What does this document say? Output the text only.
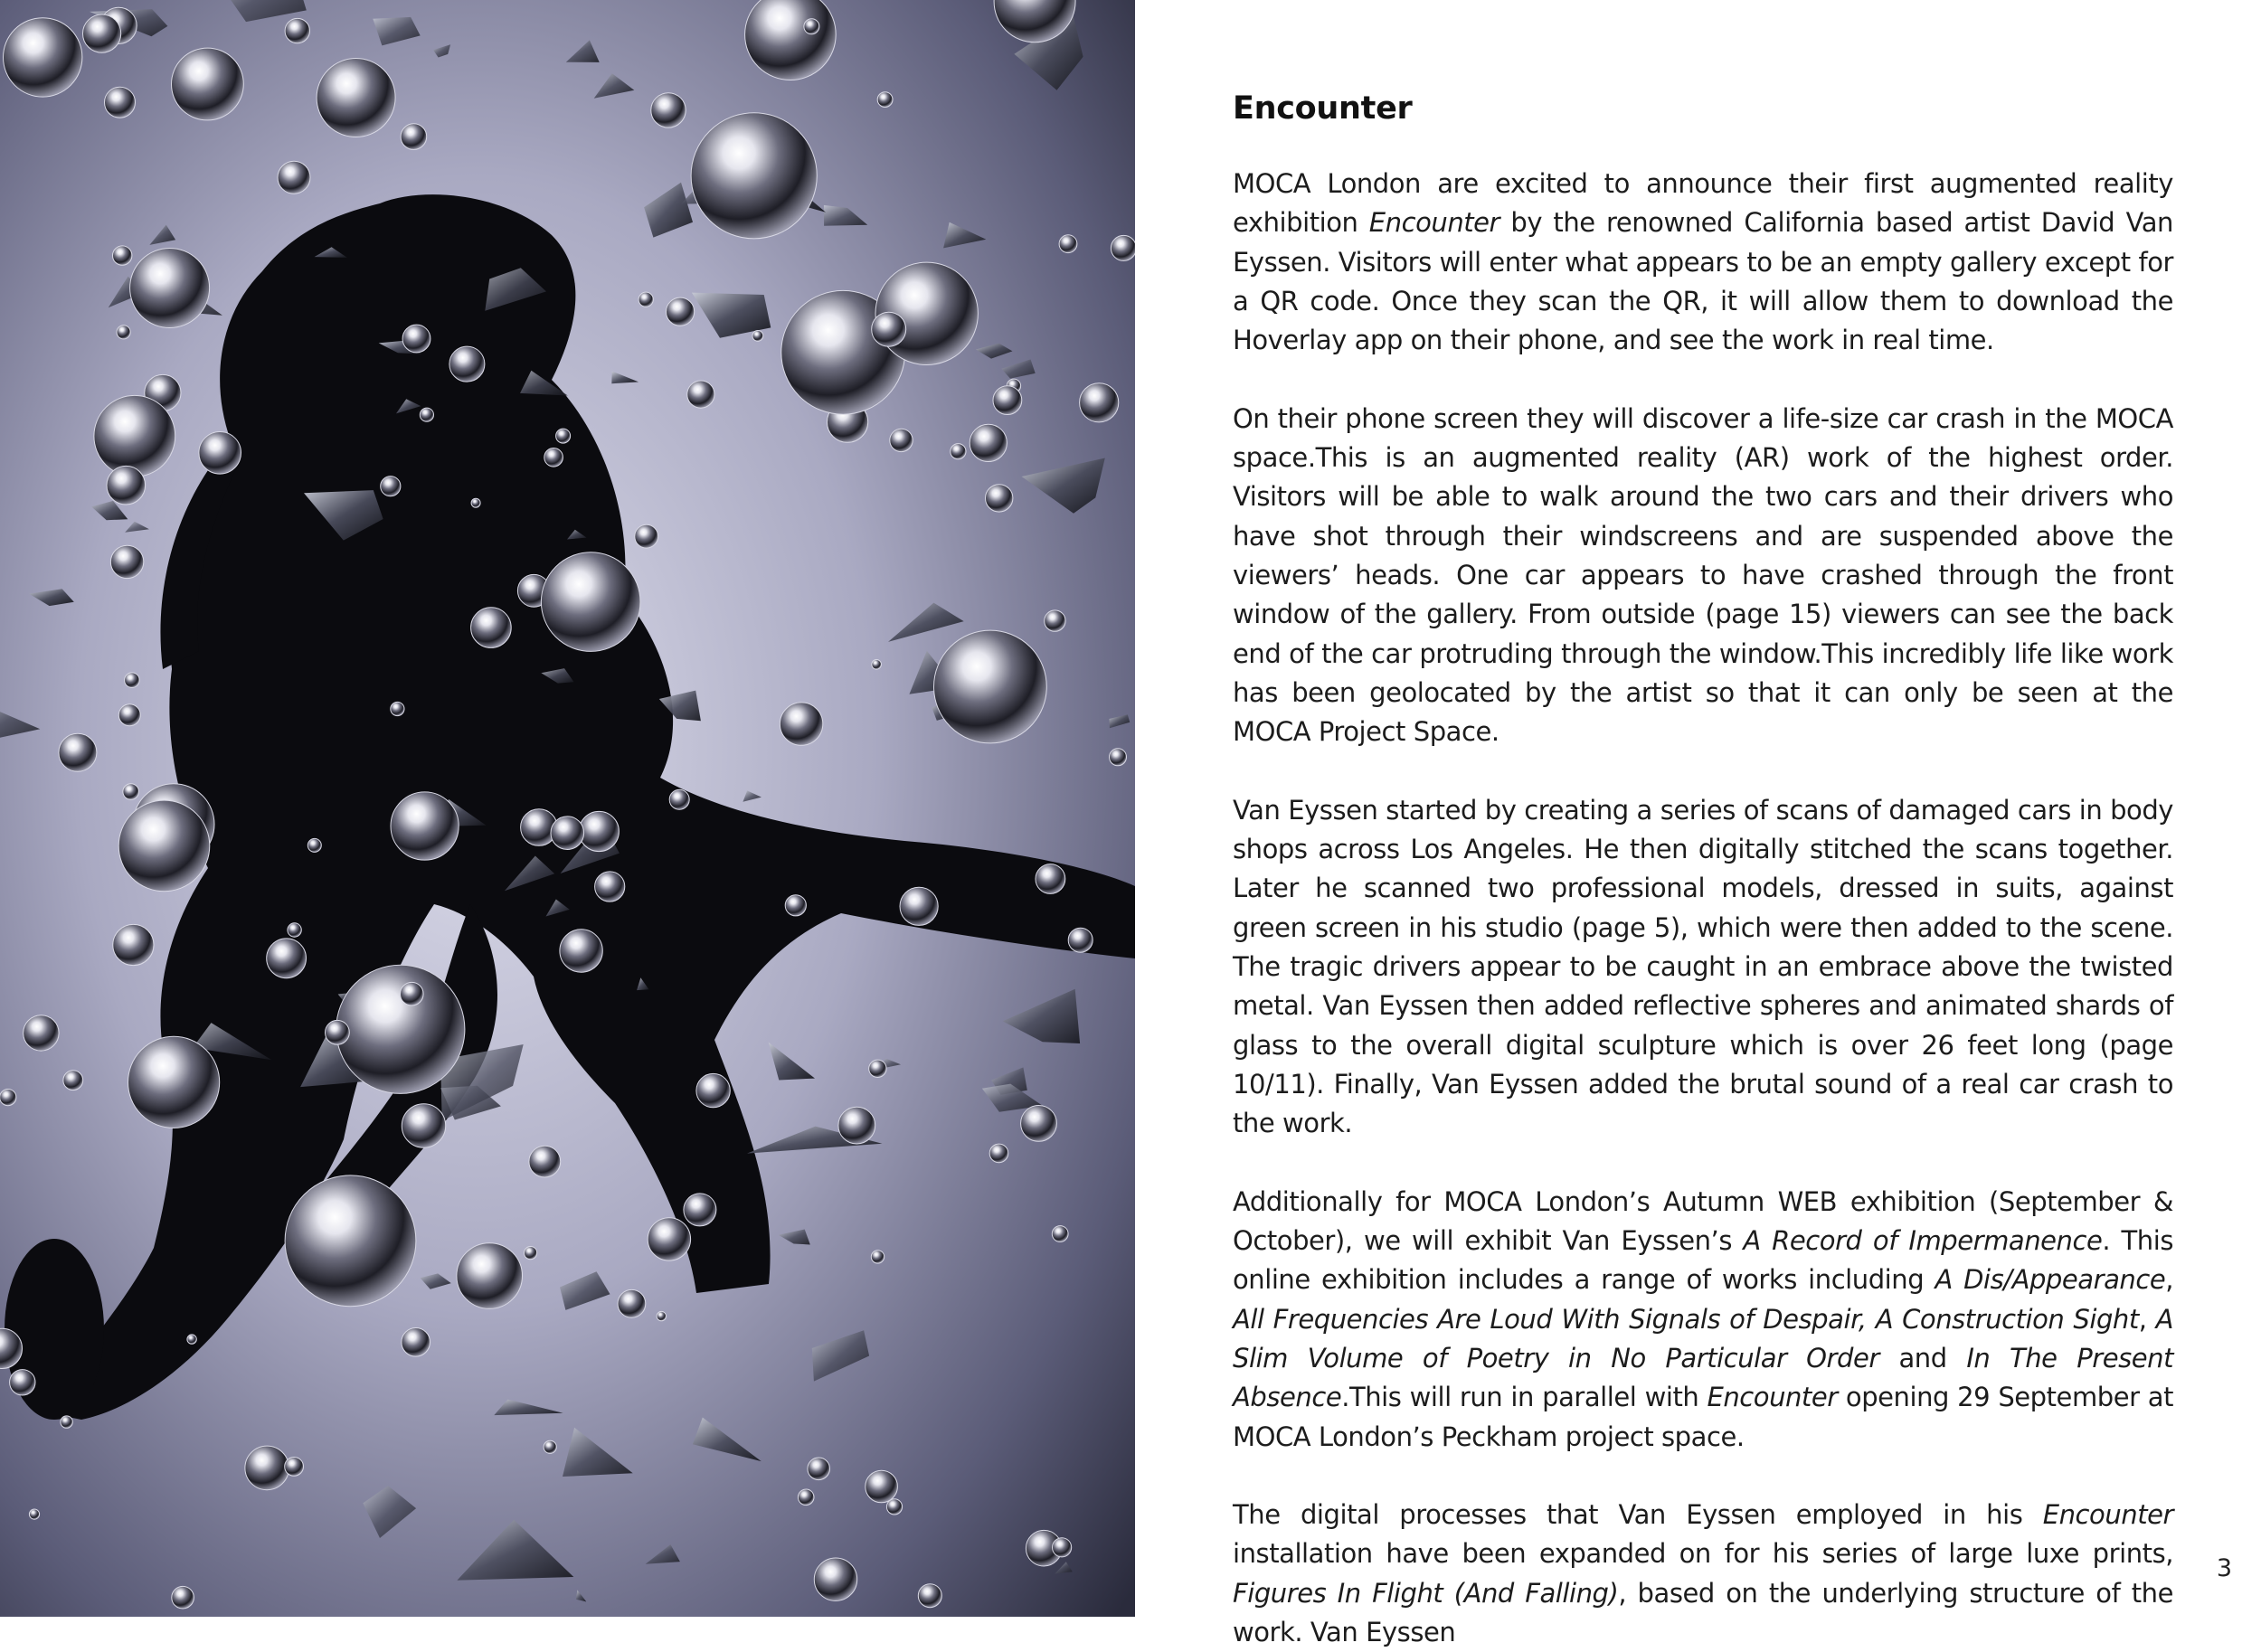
Encounter

MOCA London are excited to announce their first augmented reality exhibition Encounter by the renowned California based artist David Van Eyssen. Visitors will enter what appears to be an empty gallery except for a QR code. Once they scan the QR, it will allow them to download the Hoverlay app on their phone, and see the work in real time.

On their phone screen they will discover a life-size car crash in the MOCA space.This is an augmented reality (AR) work of the highest order. Visitors will be able to walk around the two cars and their drivers who have shot through their windscreens and are suspended above the viewers’ heads. One car appears to have crashed through the front window of the gallery. From outside (page 15) viewers can see the back end of the car protruding through the window.This incredibly life like work has been geolocated by the artist so that it can only be seen at the MOCA Project Space.

Van Eyssen started by creating a series of scans of damaged cars in body shops across Los Angeles. He then digitally stitched the scans together. Later he scanned two professional models, dressed in suits, against green screen in his studio (page 5), which were then added to the scene. The tragic drivers appear to be caught in an embrace above the twisted metal. Van Eyssen then added reflective spheres and animated shards of glass to the overall digital sculpture which is over 26 feet long (page 10/11). Finally, Van Eyssen added the brutal sound of a real car crash to the work.

Additionally for MOCA London’s Autumn WEB exhibition (September & October), we will exhibit Van Eyssen’s A Record of Impermanence. This online exhibition includes a range of works including A Dis/Appearance, All Frequencies Are Loud With Signals of Despair, A Construction Sight, A Slim Volume of Poetry in No Particular Order and In The Present Absence.This will run in parallel with Encounter opening 29 September at MOCA London’s Peckham project space.

The digital processes that Van Eyssen employed in his Encounter installation have been expanded on for his series of large luxe prints, Figures In Flight (And Falling), based on the underlying structure of the work. Van Eyssen

3
